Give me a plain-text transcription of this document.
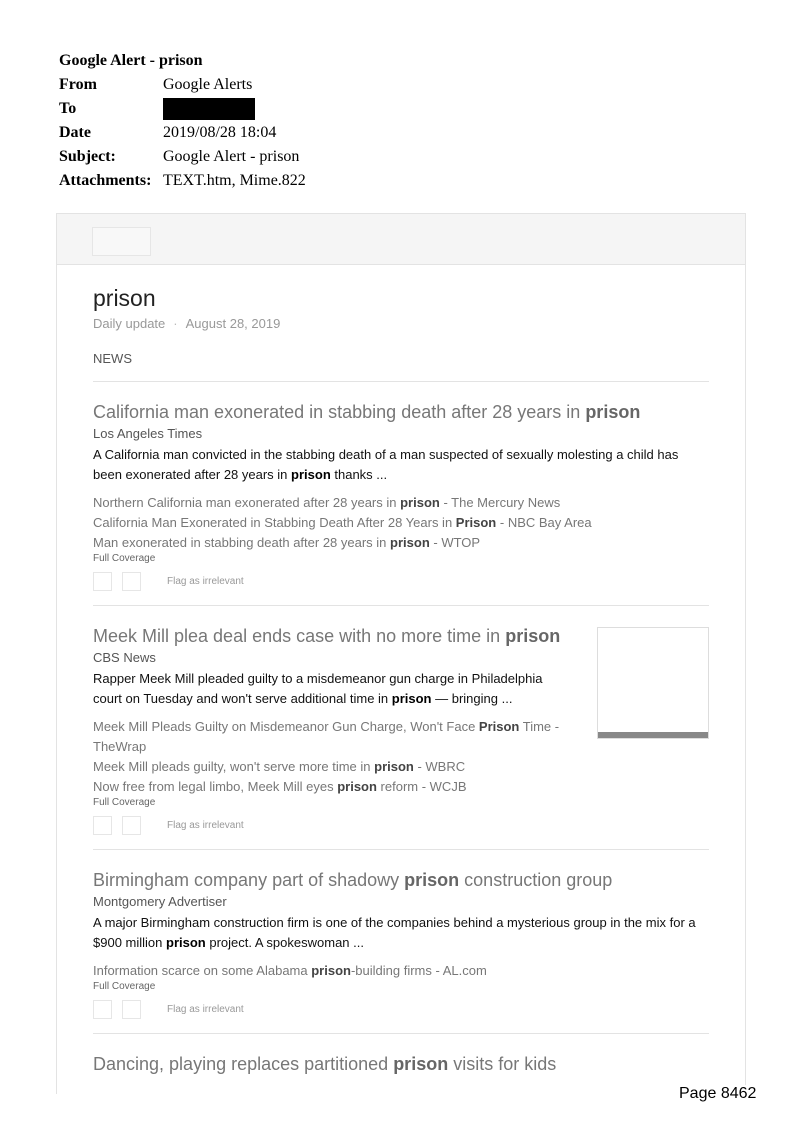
Google Alert - prison
From	Google Alerts
To
Date	2019/08/28 18:04
Subject:	Google Alert - prison
Attachments: TEXT.htm, Mime.822
prison
Daily update · August 28, 2019
NEWS
California man exonerated in stabbing death after 28 years in prison
Los Angeles Times
A California man convicted in the stabbing death of a man suspected of sexually molesting a child has been exonerated after 28 years in prison thanks ...
Northern California man exonerated after 28 years in prison - The Mercury News
California Man Exonerated in Stabbing Death After 28 Years in Prison - NBC Bay Area
Man exonerated in stabbing death after 28 years in prison - WTOP
Full Coverage
Flag as irrelevant
Meek Mill plea deal ends case with no more time in prison
CBS News
Rapper Meek Mill pleaded guilty to a misdemeanor gun charge in Philadelphia court on Tuesday and won't serve additional time in prison — bringing ...
Meek Mill Pleads Guilty on Misdemeanor Gun Charge, Won't Face Prison Time - TheWrap
Meek Mill pleads guilty, won't serve more time in prison - WBRC
Now free from legal limbo, Meek Mill eyes prison reform - WCJB
Full Coverage
Flag as irrelevant
Birmingham company part of shadowy prison construction group
Montgomery Advertiser
A major Birmingham construction firm is one of the companies behind a mysterious group in the mix for a $900 million prison project. A spokeswoman ...
Information scarce on some Alabama prison-building firms - AL.com
Full Coverage
Flag as irrelevant
Dancing, playing replaces partitioned prison visits for kids
Page 8462
